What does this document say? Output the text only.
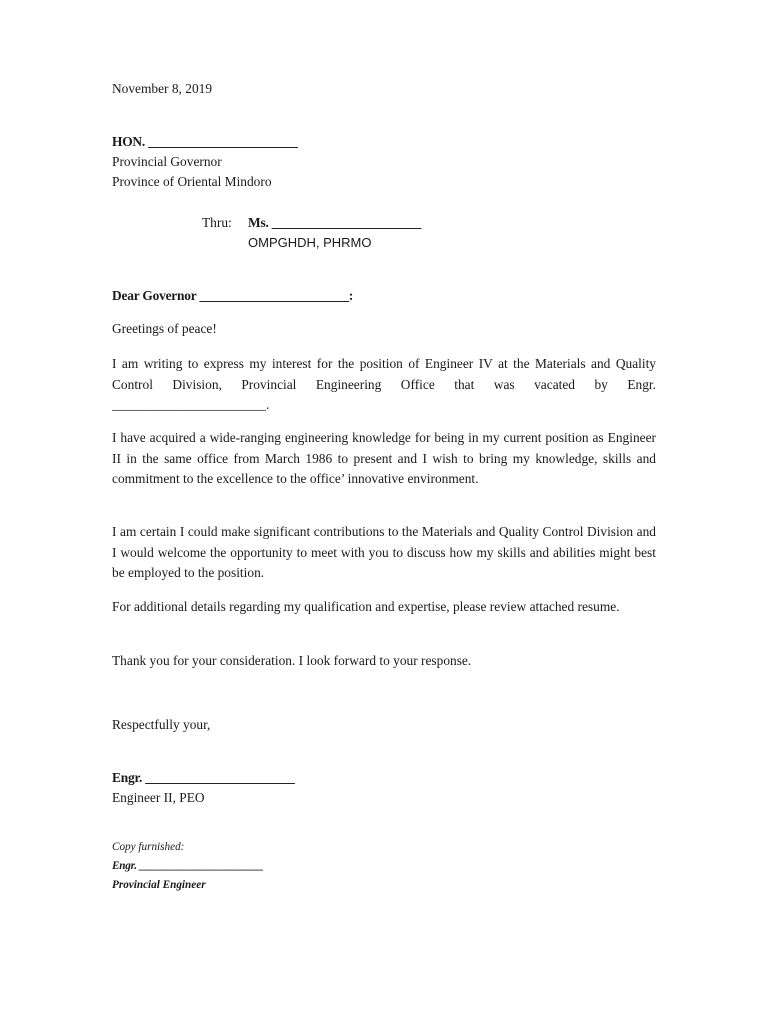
November 8, 2019
HON. _______________________
Provincial Governor
Province of Oriental Mindoro
Thru: Ms. _______________________
OMPGHDH, PHRMO
Dear Governor _______________________:
Greetings of peace!

I am writing to express my interest for the position of Engineer IV at the Materials and Quality Control Division, Provincial Engineering Office that was vacated by Engr. _______________________.

I have acquired a wide-ranging engineering knowledge for being in my current position as Engineer II in the same office from March 1986 to present and I wish to bring my knowledge, skills and commitment to the excellence to the office’ innovative environment.

I am certain I could make significant contributions to the Materials and Quality Control Division and I would welcome the opportunity to meet with you to discuss how my skills and abilities might best be employed to the position.

For additional details regarding my qualification and expertise, please review attached resume.

Thank you for your consideration. I look forward to your response.

Respectfully your,
Engr. _______________________
Engineer II, PEO
Copy furnished:
Engr. _______________________
Provincial Engineer
